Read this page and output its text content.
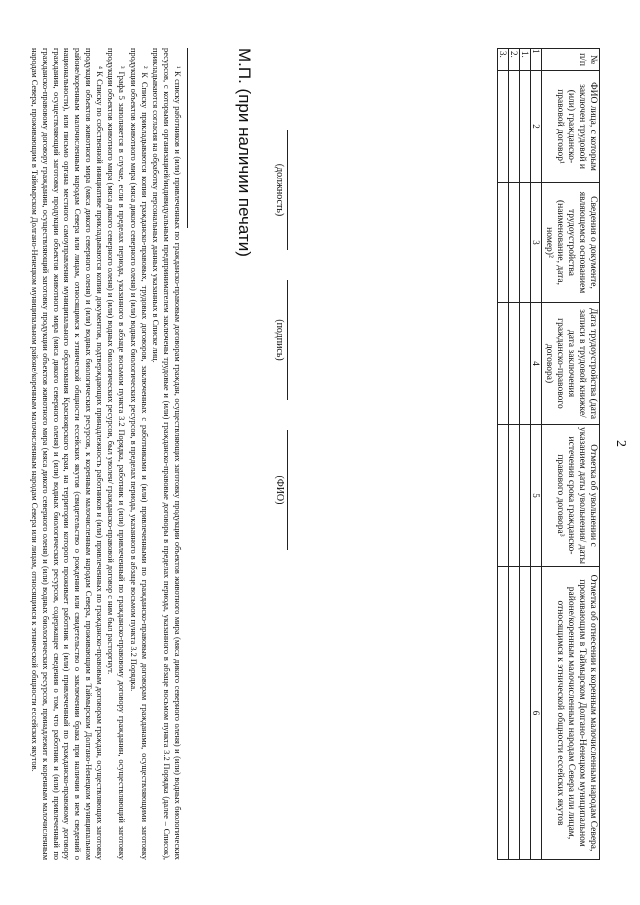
2
№ п/п	ФИО лица, с которым заключен трудовой и (или) гражданско-правовой договор¹	Сведения о документе, являющемся основанием трудоустройства (наименование, дата, номер)²	Дата трудоустройства (дата записи в трудовой книжке/дата заключения гражданско-правового договора)	Отметка об увольнении с указанием даты увольнения/ даты истечения срока гражданско-правового договора³	Отметка об отнесении к коренным малочисленным народам Севера, проживающим в Таймырском Долгано-Ненецком муниципальном районе/коренным малочисленным народам Севера или лицам, относящимся к этнической общности ессейских якутов
1	2	3	4	5	6
1.					
2.					
3.					
(должность)
(подпись)
(ФИО)
М.П. (при наличии печати)

¹ К списку работников и (или) привлеченных по гражданско-правовым договорам граждан, осуществляющих заготовку продукции объектов животного мира (мяса дикого северного оленя) и (или) водных биологических ресурсов, с которыми организацией/индивидуальным предпринимателем заключены трудовые и (или) гражданско-правовые договоры в пределах периода, указанного в абзаце восьмом пункта 3.2 Порядка (далее – Список), прикладываются согласия на обработку персональных данных указанных в Списке лиц.

² К Списку прикладываются копии гражданско-правовых, трудовых договоров, заключенных с работниками и (или) привлеченными по гражданско-правовым договорам гражданами, осуществляющими заготовку продукции объектов животного мира (мяса дикого северного оленя) и (или) водных биологических ресурсов, в пределах периода, указанного в абзаце восьмом пункта 3.2 Порядка.

³ Графа 5 заполняется в случае, если в пределах периода, указанного в абзаце восьмом пункта 3.2 Порядка, работник и (или) привлеченный по гражданско-правовому договору гражданин, осуществляющий заготовку продукции объектов животного мира (мяса дикого северного оленя) и (или) водных биологических ресурсов, был уволен/ гражданско-правовой договор с ним был расторгнут.

⁴ К Списку по собственной инициативе прикладываются копии документов, подтверждающих принадлежность работников и (или) привлеченных по гражданско-правовым договорам граждан, осуществляющих заготовку продукции объектов животного мира (мяса дикого северного оленя) и (или) водных биологических ресурсов, к коренным малочисленным народам Севера, проживающим в Таймырском Долгано-Ненецком муниципальном районе/коренным малочисленным народам Севера или лицам, относящимся к этнической общности ессейских якутов (свидетельство о рождении или свидетельство о заключении брака при наличии в нем сведений о национальности), или письмо органа местного самоуправления муниципального образования Красноярского края, на территории которого проживает работник и (или) привлеченный по гражданско-правовому договору гражданин, осуществляющий заготовку продукции объектов животного мира (мяса дикого северного оленя) и (или) водных биологических ресурсов, содержащее сведения о том, что работник и (или) привлеченный по гражданско-правовому договору гражданин, осуществляющий заготовку продукции объектов животного мира (мяса дикого северного оленя) и (или) водных биологических ресурсов, принадлежит к коренным малочисленным народам Севера, проживающим в Таймырском Долгано-Ненецком муниципальном районе/коренным малочисленным народам Севера или лицам, относящимся к этнической общности ессейских якутов.
